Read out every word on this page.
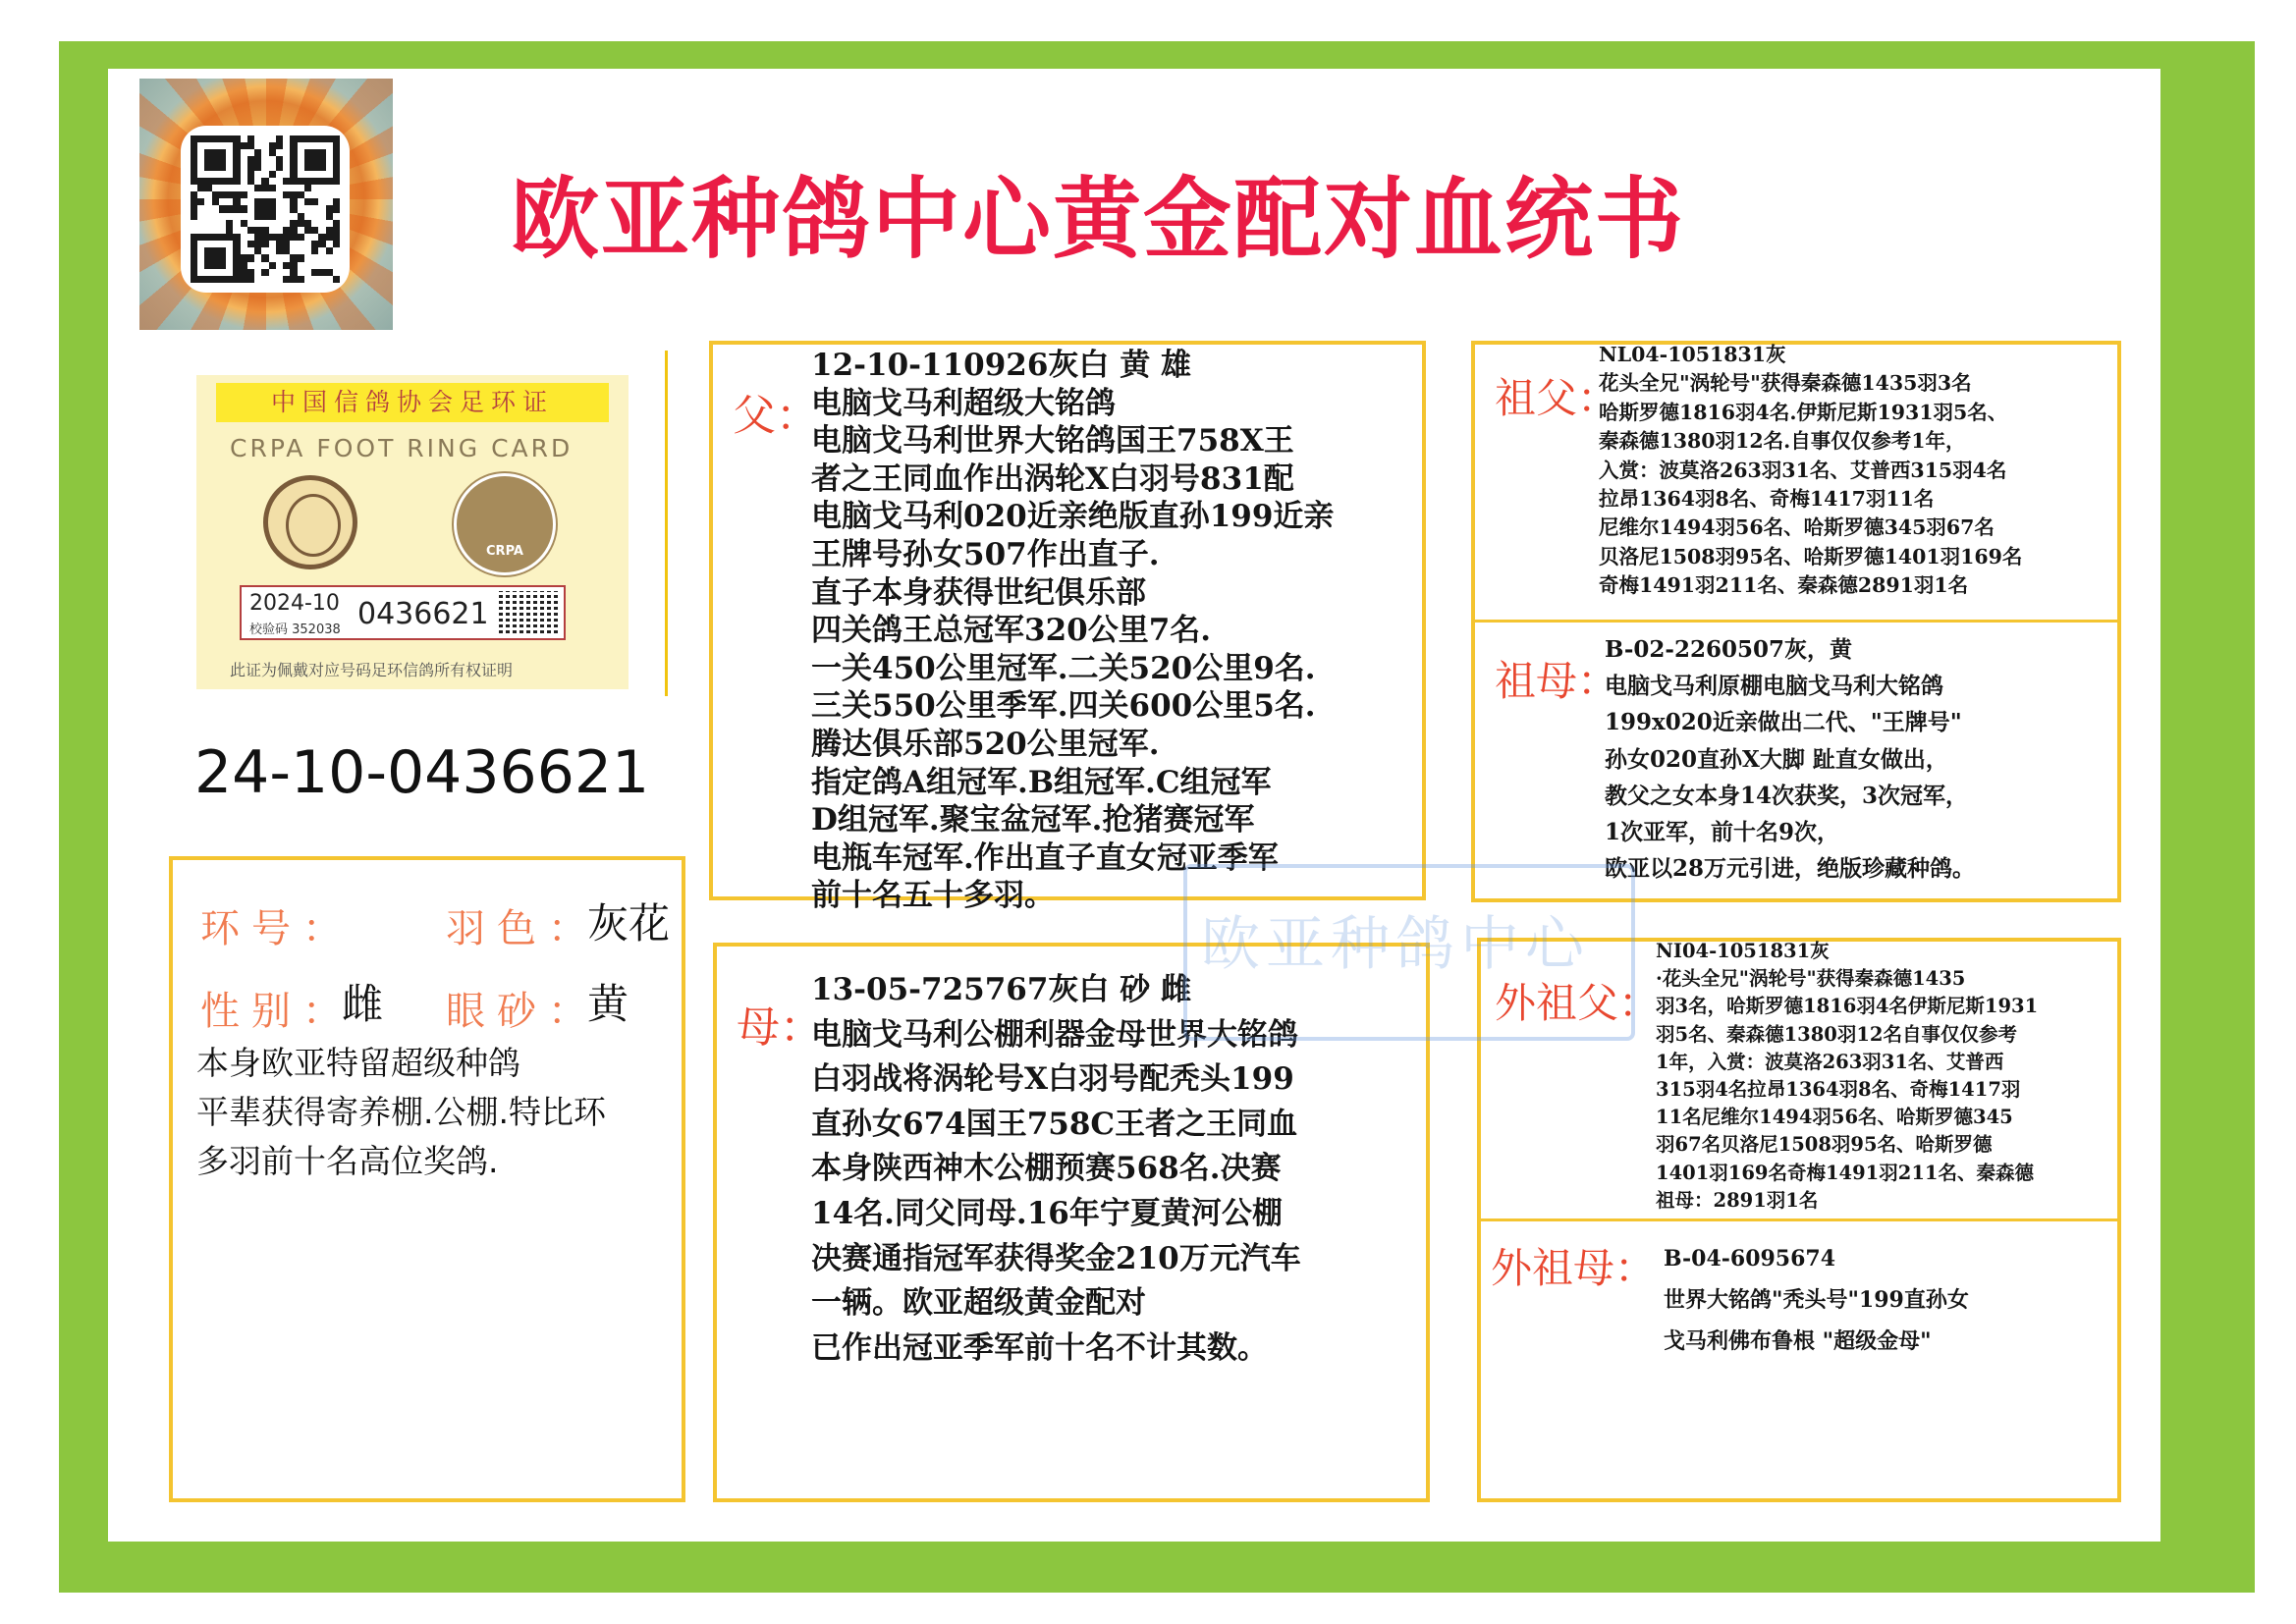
欧亚种鸽中心黄金配对血统书
中国信鸽协会足环证
CRPA FOOT RING CARD
CRPA
2024-10
校验码 352038 0436621
此证为佩戴对应号码足环信鸽所有权证明
24-10-0436621
环号： 羽色：
灰花
性别：
雌 眼砂：
黄
本身欧亚特留超级种鸽
平辈获得寄养棚.公棚.特比环
多羽前十名高位奖鸽.
父：
12-10-110926灰白 黄 雄
电脑戈马利超级大铭鸽
电脑戈马利世界大铭鸽国王758X王
者之王同血作出涡轮X白羽号831配
电脑戈马利020近亲绝版直孙199近亲
王牌号孙女507作出直子.
直子本身获得世纪俱乐部
四关鸽王总冠军320公里7名.
一关450公里冠军.二关520公里9名.
三关550公里季军.四关600公里5名.
腾达俱乐部520公里冠军.
指定鸽A组冠军.B组冠军.C组冠军
D组冠军.聚宝盆冠军.抢猪赛冠军
电瓶车冠军.作出直子直女冠亚季军
前十名五十多羽。
母：
13-05-725767灰白 砂 雌
电脑戈马利公棚利器金母世界大铭鸽
白羽战将涡轮号X白羽号配秃头199
直孙女674国王758C王者之王同血
本身陕西神木公棚预赛568名.决赛
14名.同父同母.16年宁夏黄河公棚
决赛通指冠军获得奖金210万元汽车
一辆。欧亚超级黄金配对
已作出冠亚季军前十名不计其数。
祖父：
NL04-1051831灰
花头全兄"涡轮号"获得秦森德1435羽3名
哈斯罗德1816羽4名.伊斯尼斯1931羽5名、
秦森德1380羽12名.自事仅仅参考1年，
入赏：波莫洛263羽31名、艾普西315羽4名
拉昂1364羽8名、奇梅1417羽11名
尼维尔1494羽56名、哈斯罗德345羽67名
贝洛尼1508羽95名、哈斯罗德1401羽169名
奇梅1491羽211名、秦森德2891羽1名
祖母：
B-02-2260507灰，黄
电脑戈马利原棚电脑戈马利大铭鸽
199x020近亲做出二代、"王牌号"
孙女020直孙X大脚 趾直女做出，
教父之女本身14次获奖，3次冠军，
1次亚军，前十名9次，
欧亚以28万元引进，绝版珍藏种鸽。
外祖父：
NI04-1051831灰
·花头全兄"涡轮号"获得秦森德1435
羽3名，哈斯罗德1816羽4名伊斯尼斯1931
羽5名、秦森德1380羽12名自事仅仅参考
1年，入赏：波莫洛263羽31名、艾普西
315羽4名拉昂1364羽8名、奇梅1417羽
11名尼维尔1494羽56名、哈斯罗德345
羽67名贝洛尼1508羽95名、哈斯罗德
1401羽169名奇梅1491羽211名、秦森德
祖母：2891羽1名
外祖母： B-04-6095674
世界大铭鸽"秃头号"199直孙女
戈马利佛布鲁根 "超级金母"
欧亚种鸽中心
